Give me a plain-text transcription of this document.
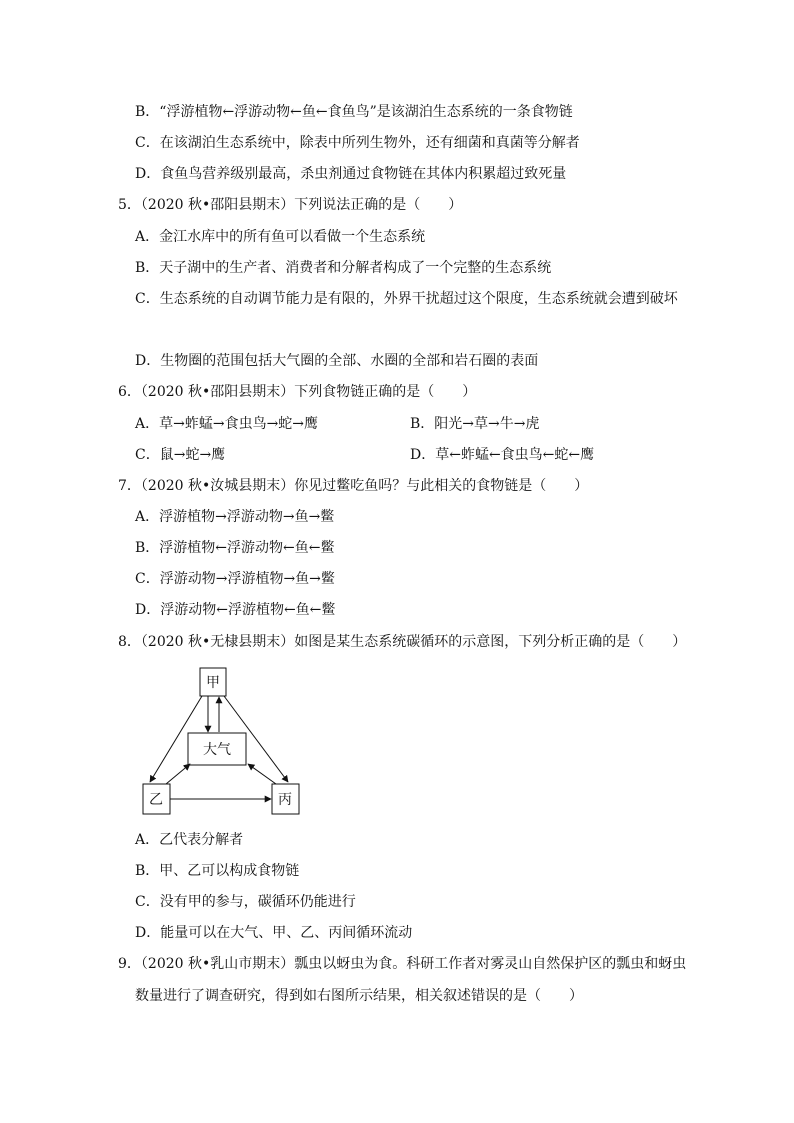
B．“浮游植物←浮游动物←鱼←食鱼鸟”是该湖泊生态系统的一条食物链
C．在该湖泊生态系统中，除表中所列生物外，还有细菌和真菌等分解者
D．食鱼鸟营养级别最高，杀虫剂通过食物链在其体内积累超过致死量
5．（2020 秋•邵阳县期末）下列说法正确的是（　　）
A．金江水库中的所有鱼可以看做一个生态系统
B．天子湖中的生产者、消费者和分解者构成了一个完整的生态系统
C．生态系统的自动调节能力是有限的，外界干扰超过这个限度，生态系统就会遭到破坏
D．生物圈的范围包括大气圈的全部、水圈的全部和岩石圈的表面
6．（2020 秋•邵阳县期末）下列食物链正确的是（　　）
A．草→蚱蜢→食虫鸟→蛇→鹰	B．阳光→草→牛→虎
C．鼠→蛇→鹰	D．草←蚱蜢←食虫鸟←蛇←鹰
7．（2020 秋•汝城县期末）你见过鳖吃鱼吗？与此相关的食物链是（　　）
A．浮游植物→浮游动物→鱼→鳖
B．浮游植物←浮游动物←鱼←鳖
C．浮游动物→浮游植物→鱼→鳖
D．浮游动物←浮游植物←鱼←鳖
8．（2020 秋•无棣县期末）如图是某生态系统碳循环的示意图，下列分析正确的是（　　）
甲
大气
乙	丙
A．乙代表分解者
B．甲、乙可以构成食物链
C．没有甲的参与，碳循环仍能进行
D．能量可以在大气、甲、乙、丙间循环流动
9．（2020 秋•乳山市期末）瓢虫以蚜虫为食。科研工作者对雾灵山自然保护区的瓢虫和蚜虫
数量进行了调查研究，得到如右图所示结果，相关叙述错误的是（　　）
